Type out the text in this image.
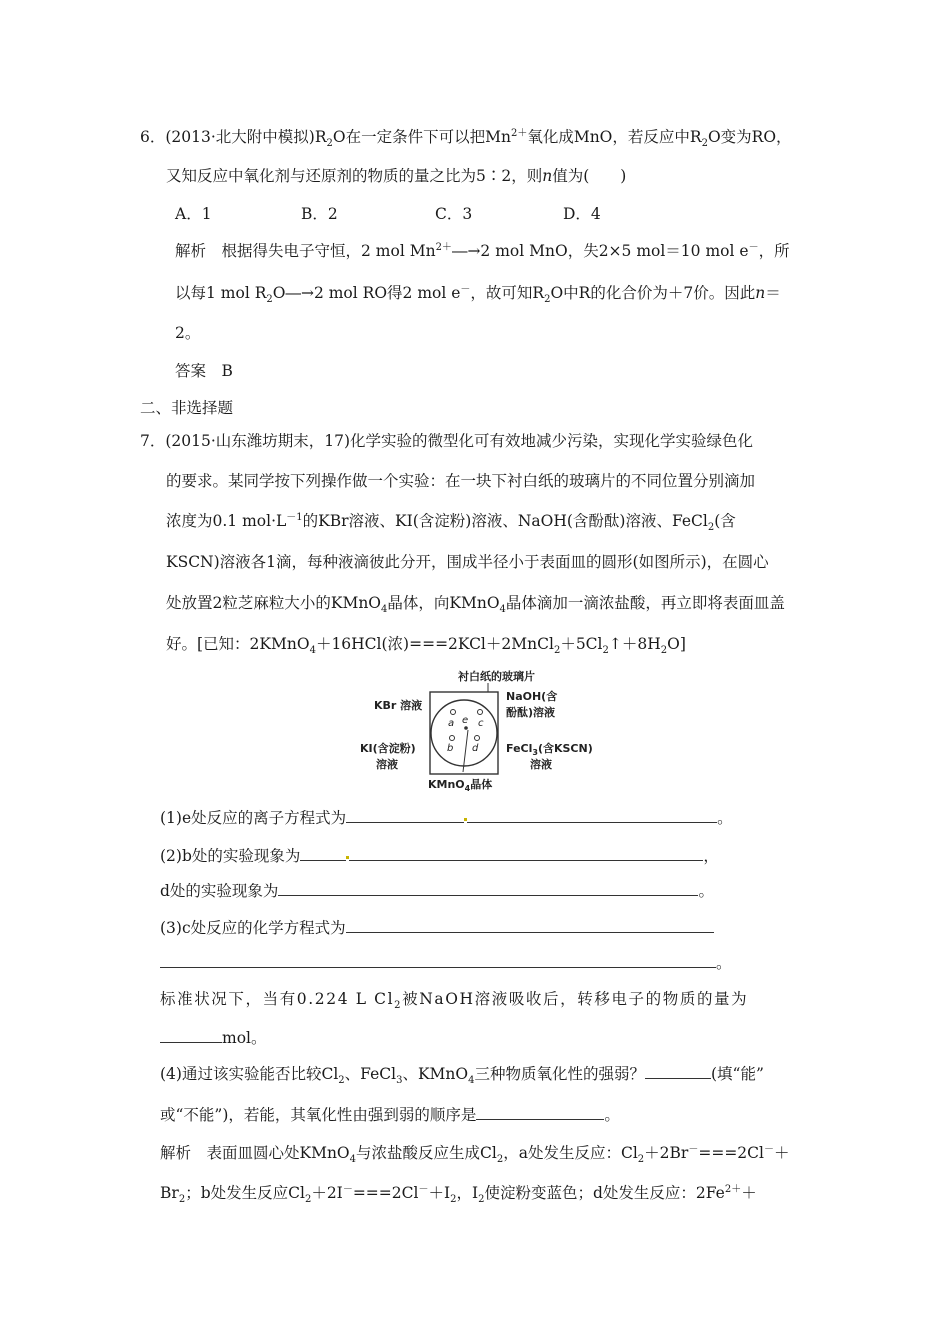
6．(2013·北大附中模拟)$R_2O$在一定条件下可以把$Mn^{2+}$氧化成MnO，若反应中$R_2O$变为RO，
又知反应中氧化剂与还原剂的物质的量之比为5∶2，则n值为(　　)
A．1	B．2	C．3	D．4
解析　根据得失电子守恒，2 mol $Mn^{2+}―\to 2$ mol MnO，失2×5 mol＝10 mol e－，所
以每1 mol $R_2O―\to 2$ mol RO得2 mol e－，故可知$R_2O$中R的化合价为＋7价。因此n＝
2。
答案　B
二、非选择题
7．(2015·山东潍坊期末，17)化学实验的微型化可有效地减少污染，实现化学实验绿色化
的要求。某同学按下列操作做一个实验：在一块下衬白纸的玻璃片的不同位置分别滴加
浓度为0.1 $mol\cdot L^{-1}$的KBr溶液、KI(含淀粉)溶液、NaOH(含酚酞)溶液、FeCl$_2$(含
KSCN)溶液各1滴，每种液滴彼此分开，围成半径小于表面皿的圆形(如图所示)，在圆心
处放置2粒芝麻粒大小的KMnO$_4$晶体，向KMnO$_4$晶体滴加一滴浓盐酸，再立即将表面皿盖
好。[已知：2KMnO$_4$＋16HCl(浓)$===2KCl+2MnCl_2+5Cl_2↑+8H_2O$]
衬白纸的玻璃片
a e c
b d
KBr 溶液
NaOH(含
酚酞)溶液
KI(含淀粉)
溶液
FeCl$_3$(含KSCN)
溶液
KMnO$_4$晶体
(1)e处反应的离子方程式为	。
(2)b处的实验现象为	，
d处的实验现象为	。
(3)c处反应的化学方程式为
。
标准状况下，当有0.224 L $Cl_2$被NaOH溶液吸收后，转移电子的物质的量为
mol。
(4)通过该实验能否比较$Cl_2$、FeCl$_3$、KMnO$_4$三种物质氧化性的强弱？	(填“能”
或“不能”)，若能，其氧化性由强到弱的顺序是	。
解析　表面皿圆心处KMnO$_4$与浓盐酸反应生成$Cl_2$，a处发生反应：$Cl_2+2Br^-===2Cl^-+$
$Br_2$；b处发生反应$Cl_2+2I^-===2Cl^-+I_2$，$I_2$使淀粉变蓝色；d处发生反应：$2Fe^{2+}+$
